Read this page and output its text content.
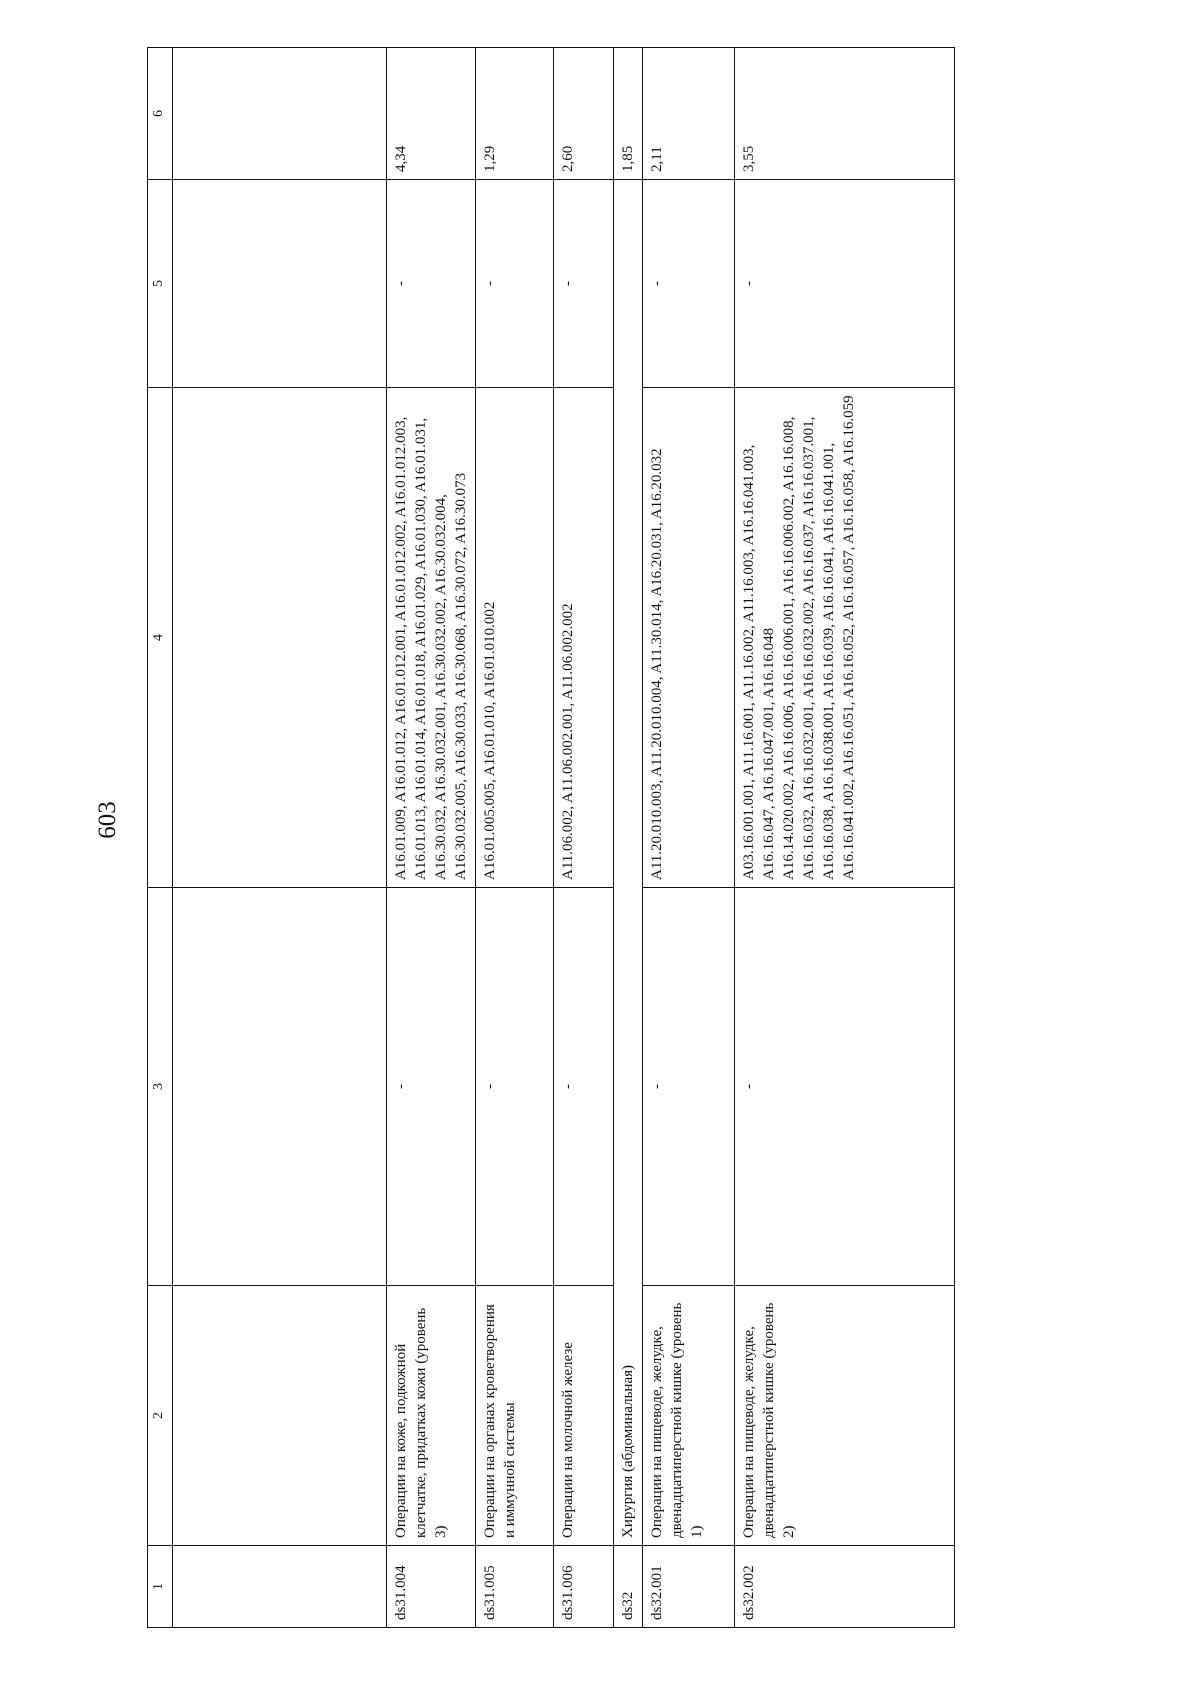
603
1	2	3	4	5	6

ds31.004	Операции на коже, подкожной клетчатке, придатках кожи (уровень 3)	-	A16.01.009, A16.01.012, A16.01.012.001, A16.01.012.002, A16.01.012.003, A16.01.013, A16.01.014, A16.01.018, A16.01.029, A16.01.030, A16.01.031, A16.30.032, A16.30.032.001, A16.30.032.002, A16.30.032.004, A16.30.032.005, A16.30.033, A16.30.068, A16.30.072, A16.30.073	-	4,34
ds31.005	Операции на органах кроветворения и иммунной системы	-	A16.01.005.005, A16.01.010, A16.01.010.002	-	1,29
ds31.006	Операции на молочной железе	-	A11.06.002, A11.06.002.001, A11.06.002.002	-	2,60
ds32	Хирургия (абдоминальная)				1,85
ds32.001	Операции на пищеводе, желудке, двенадцатиперстной кишке (уровень 1)	-	A11.20.010.003, A11.20.010.004, A11.30.014, A16.20.031, A16.20.032	-	2,11
ds32.002	Операции на пищеводе, желудке, двенадцатиперстной кишке (уровень 2)	-	A03.16.001.001, A11.16.001, A11.16.002, A11.16.003, A16.16.041.003, A16.16.047, A16.16.047.001, A16.16.048 A16.14.020.002, A16.16.006, A16.16.006.001, A16.16.006.002, A16.16.008, A16.16.032, A16.16.032.001, A16.16.032.002, A16.16.037, A16.16.037.001, A16.16.038, A16.16.038.001, A16.16.039, A16.16.041, A16.16.041.001, A16.16.041.002, A16.16.051, A16.16.052, A16.16.057, A16.16.058, A16.16.059	-	3,55
